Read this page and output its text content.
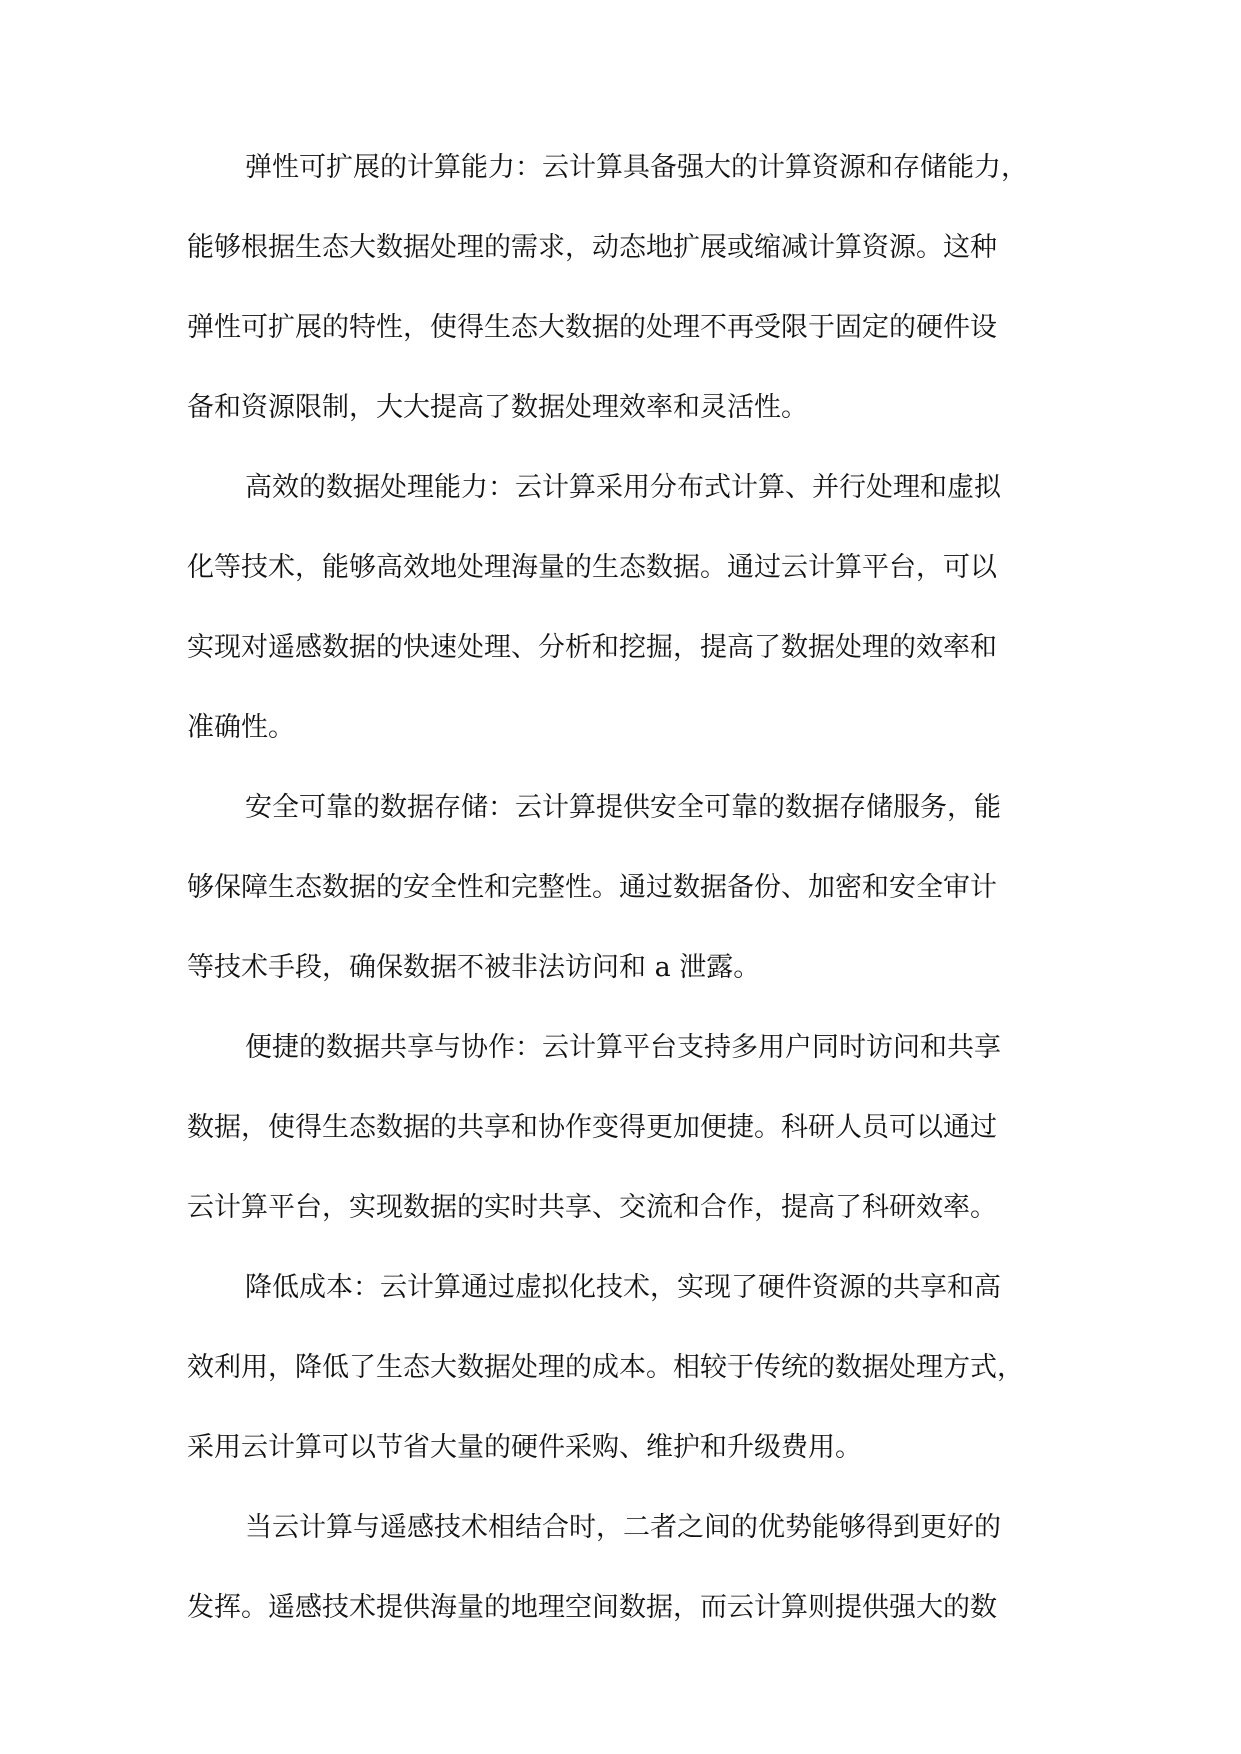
弹性可扩展的计算能力：云计算具备强大的计算资源和存储能力，
能够根据生态大数据处理的需求，动态地扩展或缩减计算资源。这种
弹性可扩展的特性，使得生态大数据的处理不再受限于固定的硬件设
备和资源限制，大大提高了数据处理效率和灵活性。
高效的数据处理能力：云计算采用分布式计算、并行处理和虚拟
化等技术，能够高效地处理海量的生态数据。通过云计算平台，可以
实现对遥感数据的快速处理、分析和挖掘，提高了数据处理的效率和
准确性。
安全可靠的数据存储：云计算提供安全可靠的数据存储服务，能
够保障生态数据的安全性和完整性。通过数据备份、加密和安全审计
等技术手段，确保数据不被非法访问和 a 泄露。
便捷的数据共享与协作：云计算平台支持多用户同时访问和共享
数据，使得生态数据的共享和协作变得更加便捷。科研人员可以通过
云计算平台，实现数据的实时共享、交流和合作，提高了科研效率。
降低成本：云计算通过虚拟化技术，实现了硬件资源的共享和高
效利用，降低了生态大数据处理的成本。相较于传统的数据处理方式，
采用云计算可以节省大量的硬件采购、维护和升级费用。
当云计算与遥感技术相结合时，二者之间的优势能够得到更好的
发挥。遥感技术提供海量的地理空间数据，而云计算则提供强大的数
